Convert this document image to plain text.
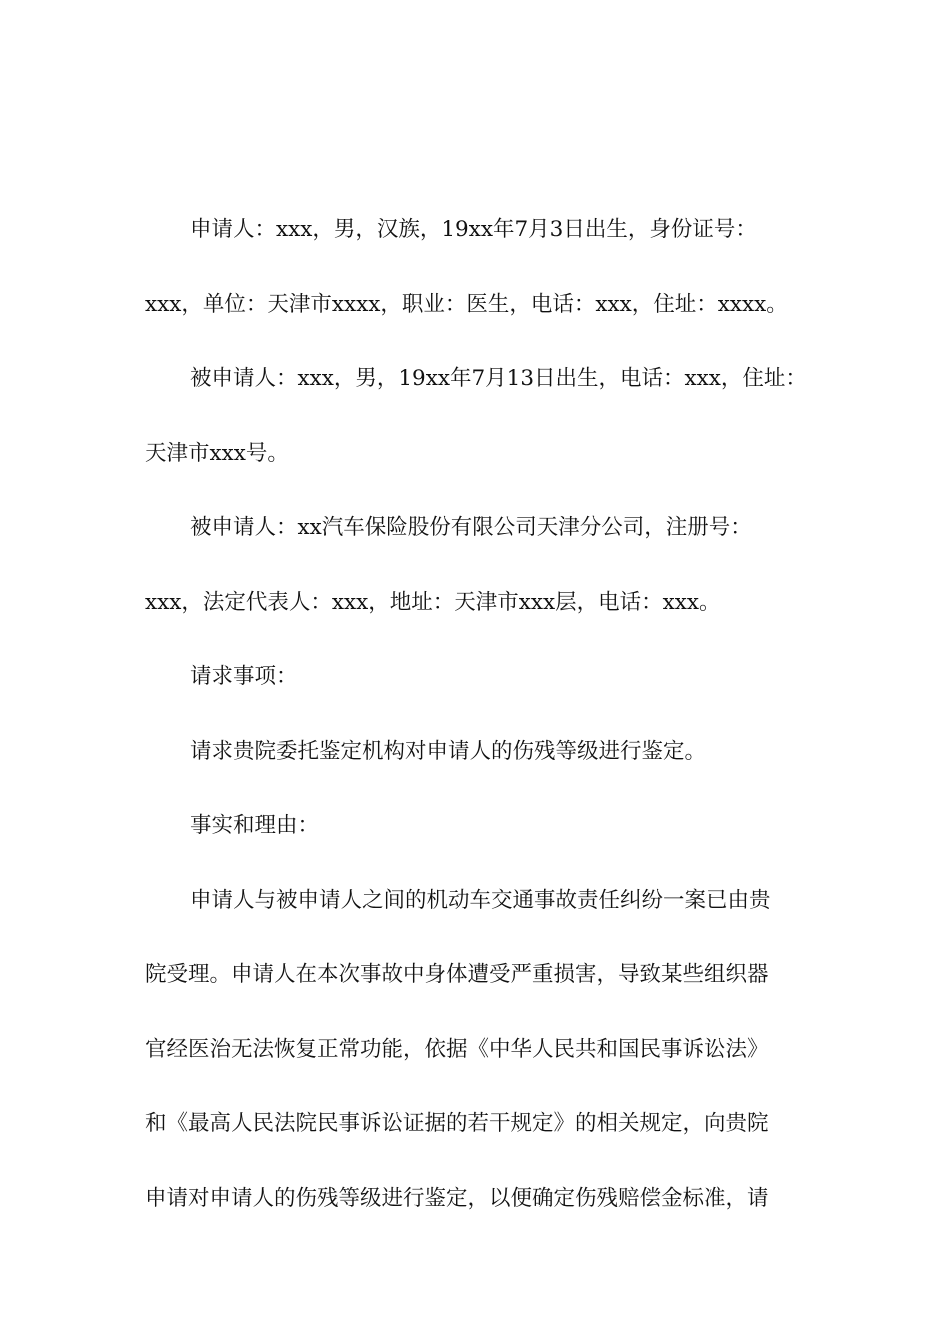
申请人：xxx，男，汉族，19xx年7月3日出生，身份证号：
xxx，单位：天津市xxxx，职业：医生，电话：xxx，住址：xxxx。

被申请人：xxx，男，19xx年7月13日出生，电话：xxx，住址：
天津市xxx号。

被申请人：xx汽车保险股份有限公司天津分公司，注册号：
xxx，法定代表人：xxx，地址：天津市xxx层，电话：xxx。

请求事项：

请求贵院委托鉴定机构对申请人的伤残等级进行鉴定。

事实和理由：

申请人与被申请人之间的机动车交通事故责任纠纷一案已由贵
院受理。申请人在本次事故中身体遭受严重损害，导致某些组织器
官经医治无法恢复正常功能，依据《中华人民共和国民事诉讼法》
和《最高人民法院民事诉讼证据的若干规定》的相关规定，向贵院
申请对申请人的伤残等级进行鉴定，以便确定伤残赔偿金标准，请
